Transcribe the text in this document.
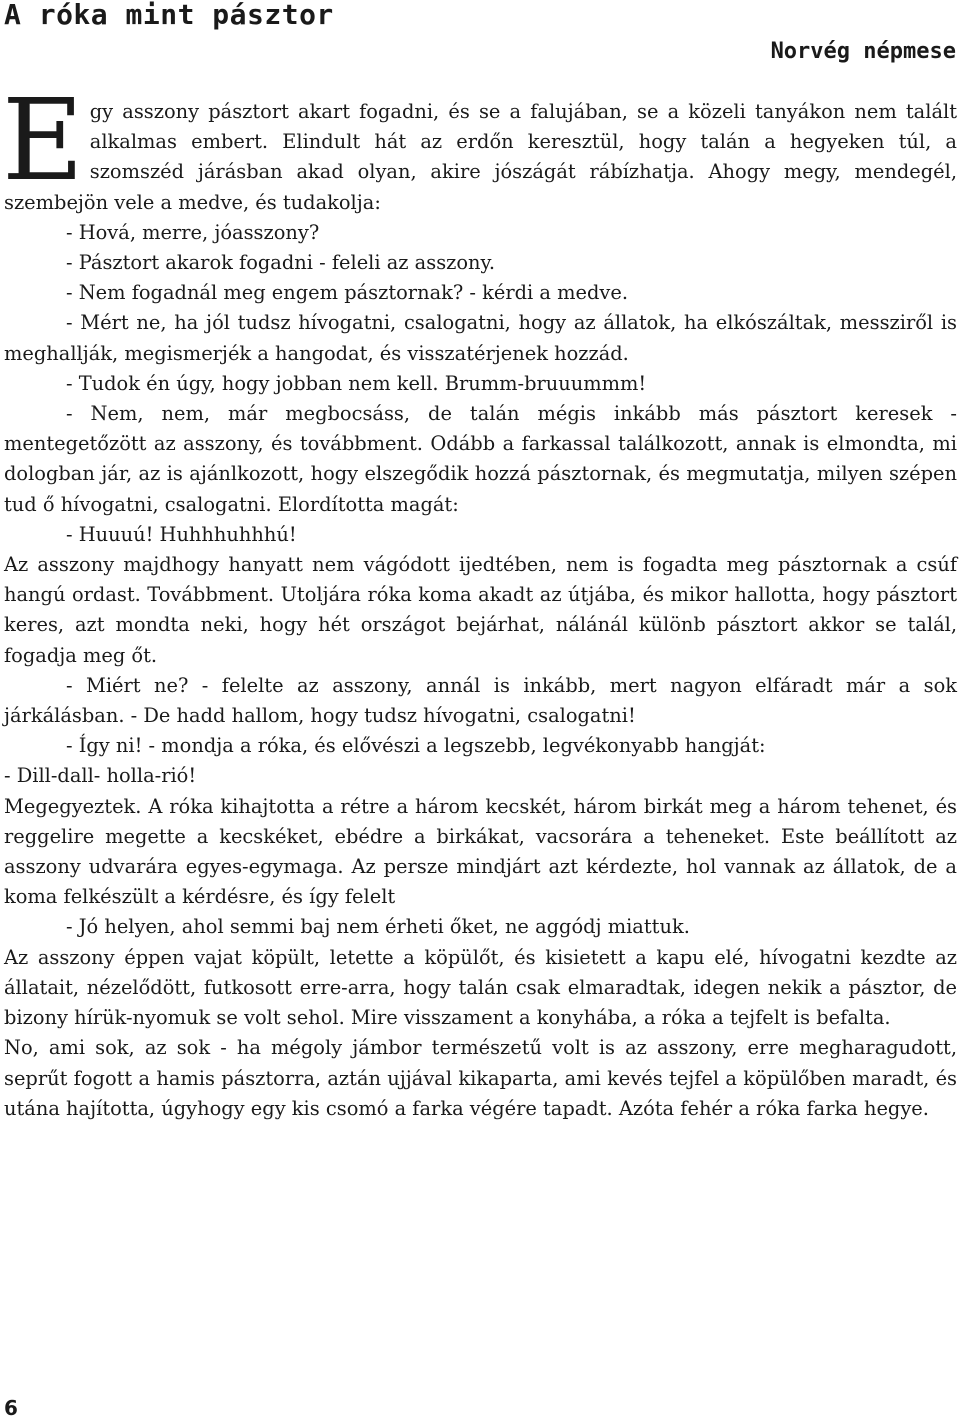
A róka mint pásztor
Norvég népmese

Egy asszony pásztort akart fogadni, és se a falujában, se a közeli tanyákon nem talált alkalmas embert. Elindult hát az erdőn keresztül, hogy talán a hegyeken túl, a szomszéd járásban akad olyan, akire jószágát rábízhatja. Ahogy megy, mendegél, szembejön vele a medve, és tudakolja:

- Hová, merre, jóasszony?

- Pásztort akarok fogadni - feleli az asszony.

- Nem fogadnál meg engem pásztornak? - kérdi a medve.

- Mért ne, ha jól tudsz hívogatni, csalogatni, hogy az állatok, ha elkószáltak, messziről is meghallják, megismerjék a hangodat, és visszatérjenek hozzád.

- Tudok én úgy, hogy jobban nem kell. Brumm-bruuummm!

- Nem, nem, már megbocsáss, de talán mégis inkább más pásztort keresek - mentegetőzött az asszony, és továbbment. Odább a farkassal találkozott, annak is elmondta, mi dologban jár, az is ajánlkozott, hogy elszegődik hozzá pásztornak, és megmutatja, milyen szépen tud ő hívogatni, csalogatni. Elordította magát:

- Huuuú! Huhhhuhhhú!

Az asszony majdhogy hanyatt nem vágódott ijedtében, nem is fogadta meg pásztornak a csúf hangú ordast. Továbbment. Utoljára róka koma akadt az útjába, és mikor hallotta, hogy pásztort keres, azt mondta neki, hogy hét országot bejárhat, nálánál különb pásztort akkor se talál, fogadja meg őt.

- Miért ne? - felelte az asszony, annál is inkább, mert nagyon elfáradt már a sok járkálásban. - De hadd hallom, hogy tudsz hívogatni, csalogatni!

- Így ni! - mondja a róka, és elővészi a legszebb, legvékonyabb hangját:

- Dill-dall- holla-rió!

Megegyeztek. A róka kihajtotta a rétre a három kecskét, három birkát meg a három tehenet, és reggelire megette a kecskéket, ebédre a birkákat, vacsorára a teheneket. Este beállított az asszony udvarára egyes-egymaga. Az persze mindjárt azt kérdezte, hol vannak az állatok, de a koma felkészült a kérdésre, és így felelt

- Jó helyen, ahol semmi baj nem érheti őket, ne aggódj miattuk.

Az asszony éppen vajat köpült, letette a köpülőt, és kisietett a kapu elé, hívogatni kezdte az állatait, nézelődött, futkosott erre-arra, hogy talán csak elmaradtak, idegen nekik a pásztor, de bizony hírük-nyomuk se volt sehol. Mire visszament a konyhába, a róka a tejfelt is befalta.

No, ami sok, az sok - ha mégoly jámbor természetű volt is az asszony, erre megharagudott, seprűt fogott a hamis pásztorra, aztán ujjával kikaparta, ami kevés tejfel a köpülőben maradt, és utána hajította, úgyhogy egy kis csomó a farka végére tapadt. Azóta fehér a róka farka hegye.

6
